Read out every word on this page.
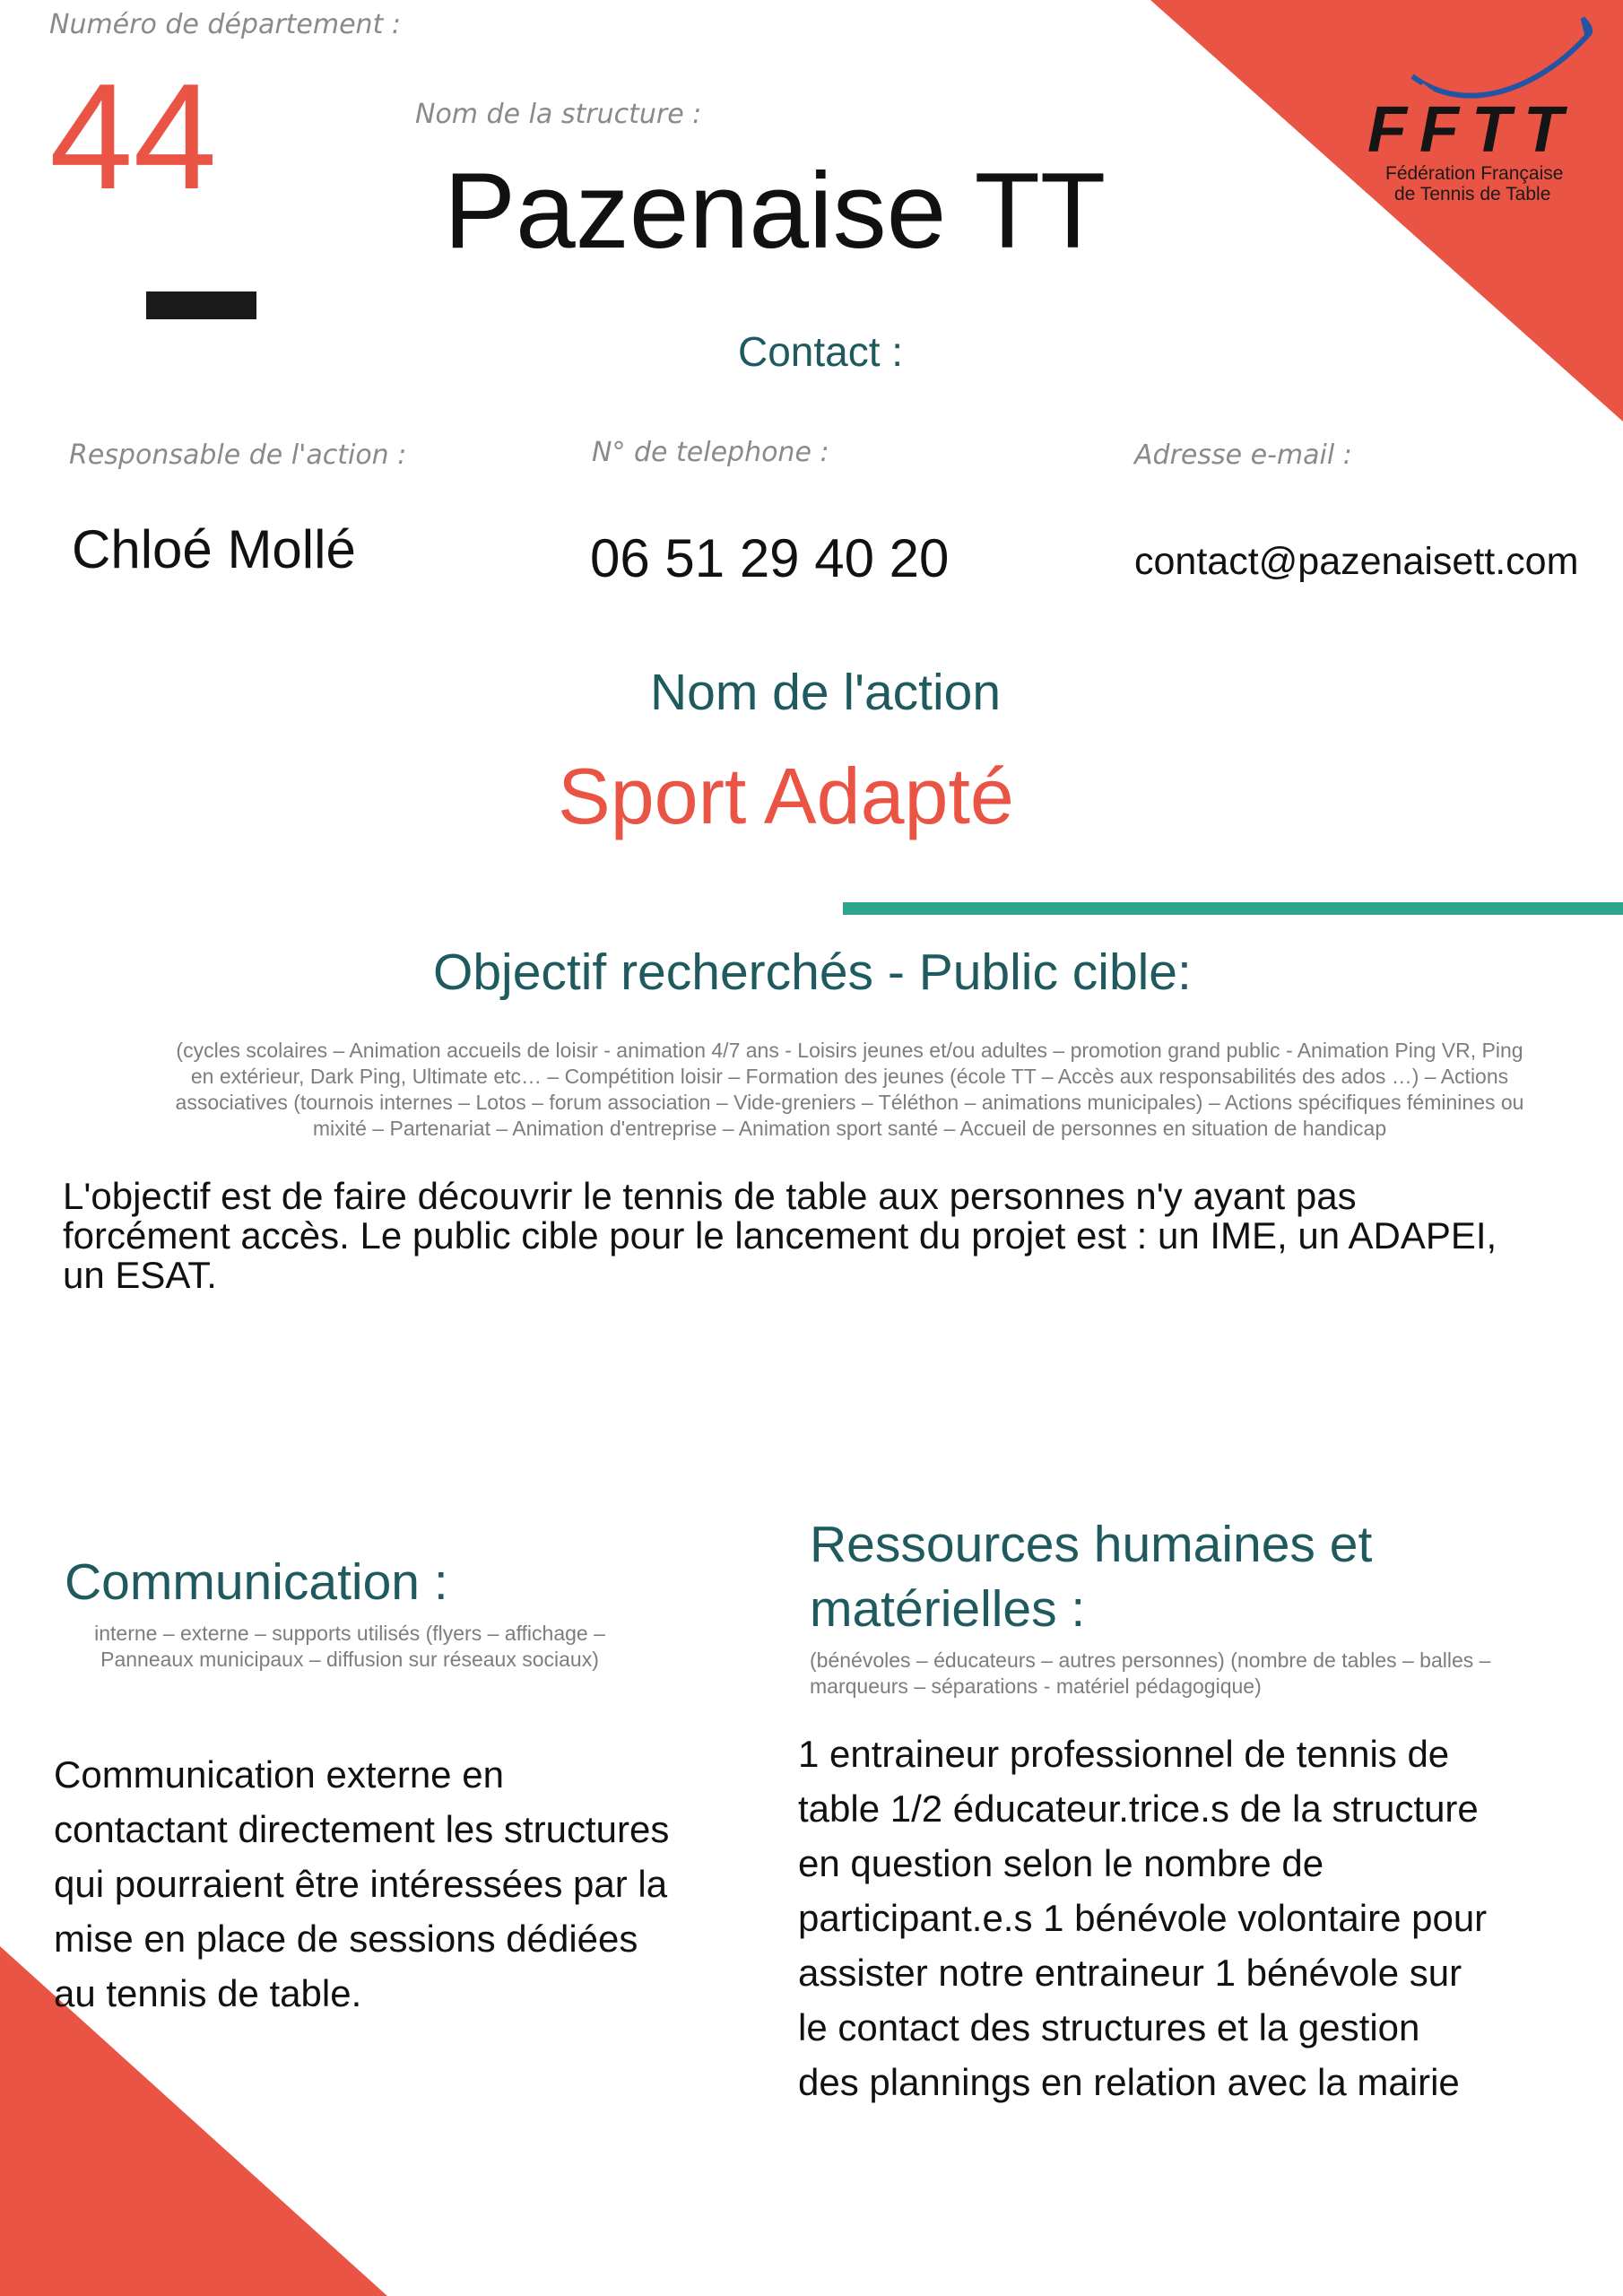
Numéro de département :
44	Nom de la structure :
Pazenaise TT
FFTT
Fédération Française
de Tennis de Table
Contact :
Responsable de l'action :
Chloé Mollé
N° de telephone :
06 51 29 40 20
Adresse e-mail :
contact@pazenaisett.com
Nom de l'action
Sport Adapté
Objectif recherchés - Public cible:
(cycles scolaires – Animation accueils de loisir - animation 4/7 ans - Loisirs jeunes et/ou adultes – promotion grand public - Animation Ping VR, Ping en extérieur, Dark Ping, Ultimate etc… – Compétition loisir – Formation des jeunes (école TT – Accès aux responsabilités des ados …) – Actions associatives (tournois internes – Lotos – forum association – Vide-greniers – Téléthon – animations municipales) – Actions spécifiques féminines ou mixité – Partenariat – Animation d'entreprise – Animation sport santé – Accueil de personnes en situation de handicap
L'objectif est de faire découvrir le tennis de table aux personnes n'y ayant pas forcément accès. Le public cible pour le lancement du projet est : un IME, un ADAPEI, un ESAT.
Communication :
interne – externe – supports utilisés (flyers – affichage – Panneaux municipaux – diffusion sur réseaux sociaux)
Communication externe en contactant directement les structures qui pourraient être intéressées par la mise en place de sessions dédiées au tennis de table.
Ressources humaines et matérielles :
(bénévoles – éducateurs – autres personnes) (nombre de tables – balles – marqueurs – séparations - matériel pédagogique)
1 entraineur professionnel de tennis de table 1/2 éducateur.trice.s de la structure en question selon le nombre de participant.e.s 1 bénévole volontaire pour assister notre entraineur 1 bénévole sur le contact des structures et la gestion des plannings en relation avec la mairie
